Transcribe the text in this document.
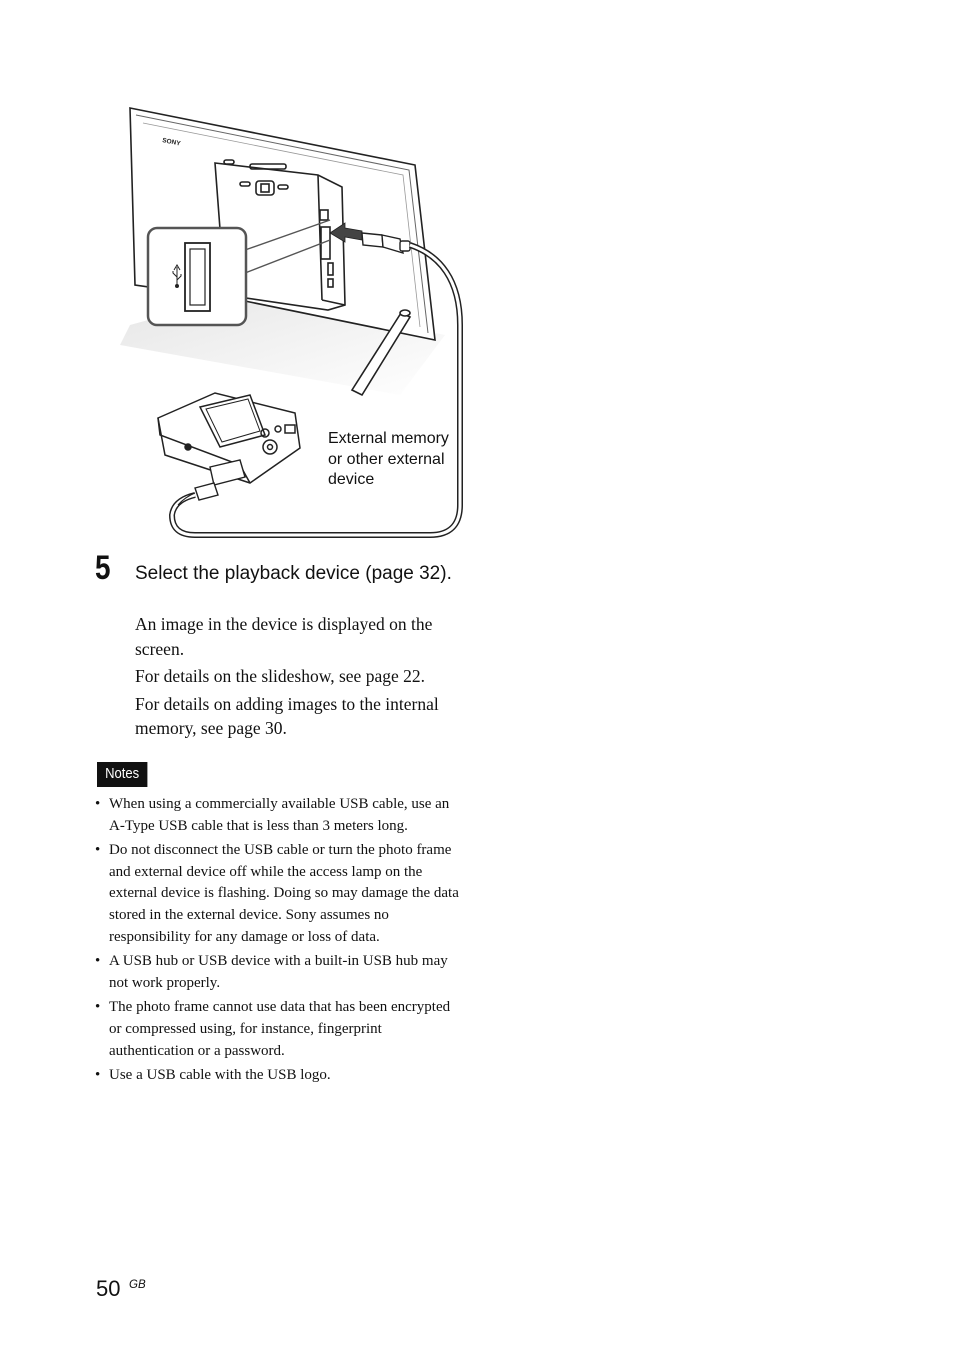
SONY
External memory or other external device
5 Select the playback device (page 32).

An image in the device is displayed on the screen.

For details on the slideshow, see page 22.

For details on adding images to the internal memory, see page 30.

Notes
• When using a commercially available USB cable, use an A-Type USB cable that is less than 3 meters long.
• Do not disconnect the USB cable or turn the photo frame and external device off while the access lamp on the external device is flashing. Doing so may damage the data stored in the external device. Sony assumes no responsibility for any damage or loss of data.
• A USB hub or USB device with a built-in USB hub may not work properly.
• The photo frame cannot use data that has been encrypted or compressed using, for instance, fingerprint authentication or a password.
• Use a USB cable with the USB logo.
50 GB
